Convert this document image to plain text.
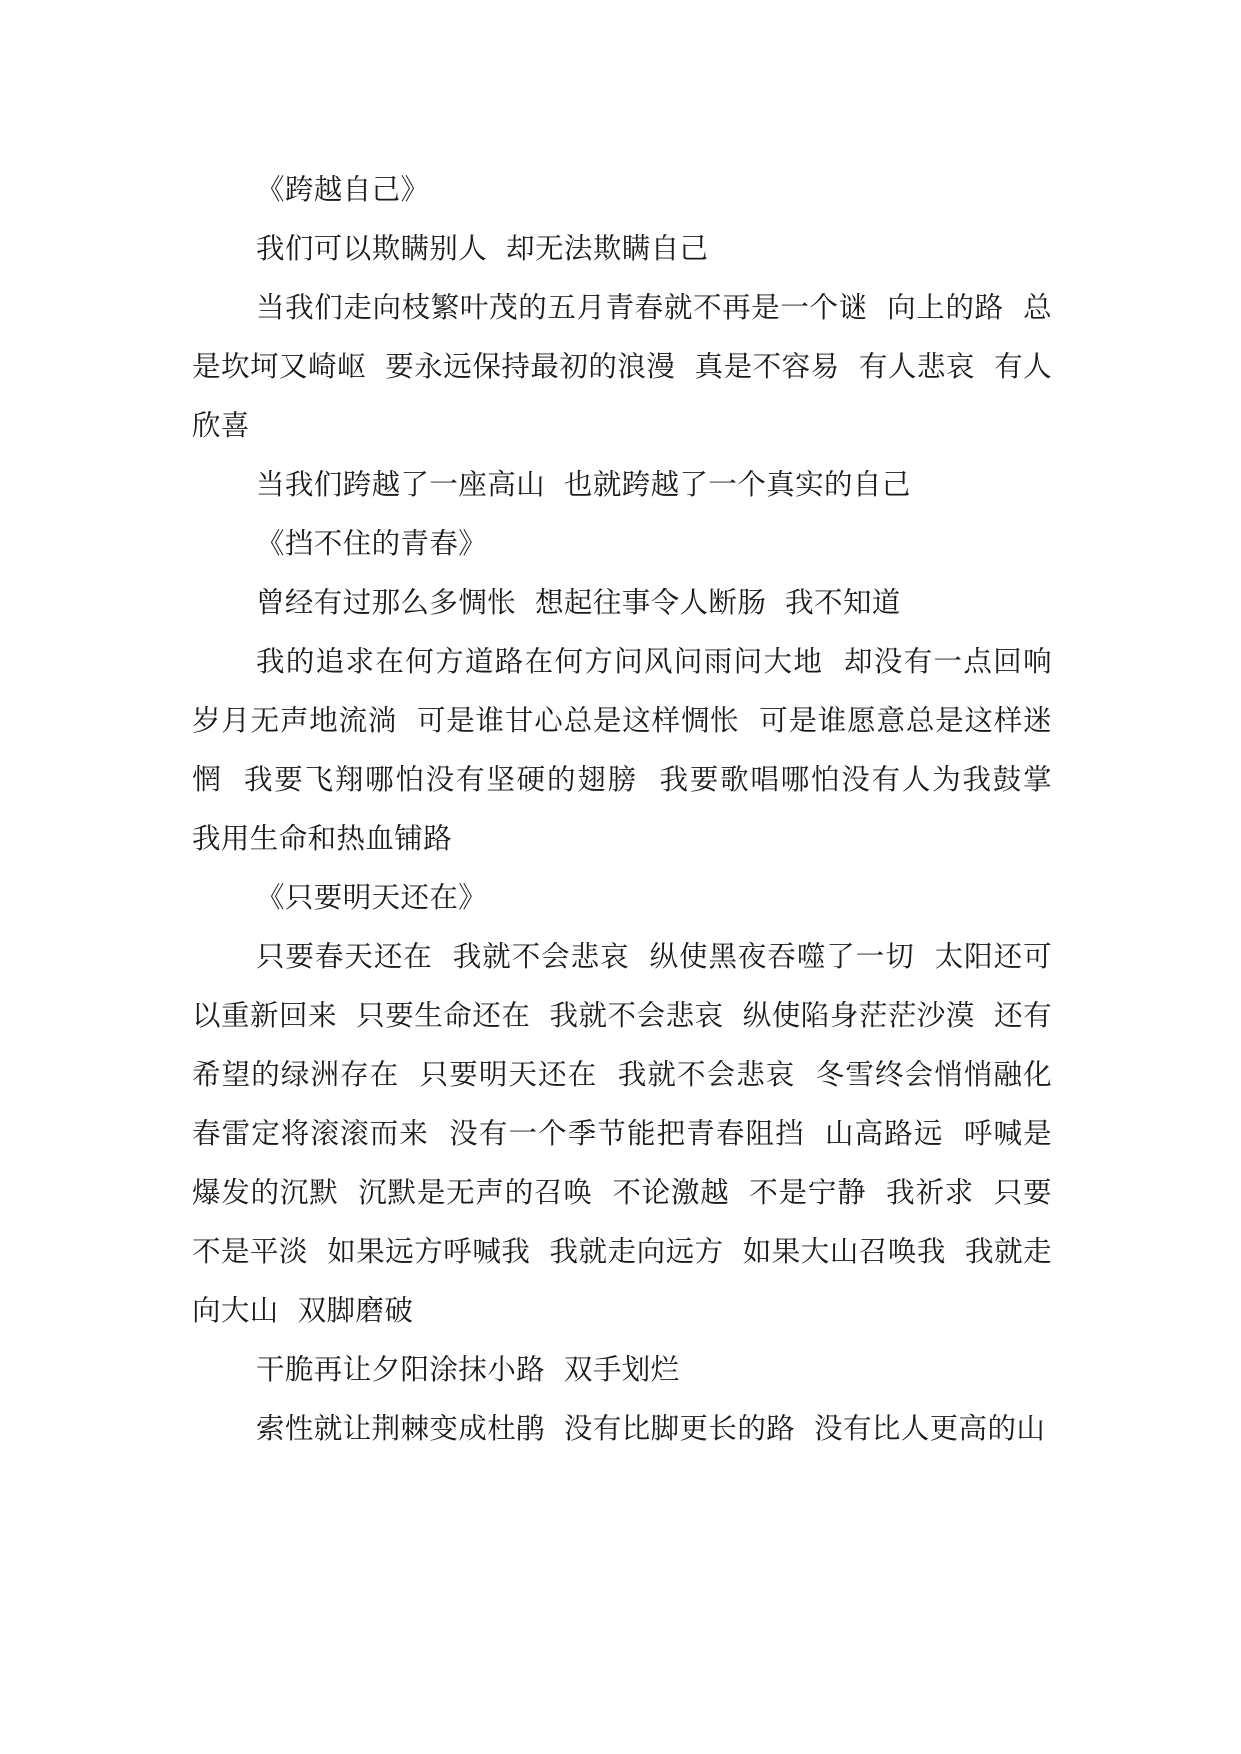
《跨越自己》

我们可以欺瞒别人  却无法欺瞒自己

当我们走向枝繁叶茂的五月青春就不再是一个谜  向上的路  总是坎坷又崎岖  要永远保持最初的浪漫  真是不容易  有人悲哀  有人欣喜

当我们跨越了一座高山  也就跨越了一个真实的自己

《挡不住的青春》

曾经有过那么多惆怅  想起往事令人断肠  我不知道

我的追求在何方道路在何方问风问雨问大地  却没有一点回响  岁月无声地流淌  可是谁甘心总是这样惆怅  可是谁愿意总是这样迷惘  我要飞翔哪怕没有坚硬的翅膀  我要歌唱哪怕没有人为我鼓掌  我用生命和热血铺路

《只要明天还在》

只要春天还在  我就不会悲哀  纵使黑夜吞噬了一切  太阳还可以重新回来  只要生命还在  我就不会悲哀  纵使陷身茫茫沙漠  还有希望的绿洲存在  只要明天还在  我就不会悲哀  冬雪终会悄悄融化  春雷定将滚滚而来  没有一个季节能把青春阻挡  山高路远  呼喊是爆发的沉默  沉默是无声的召唤  不论激越  不是宁静  我祈求  只要不是平淡  如果远方呼喊我  我就走向远方  如果大山召唤我  我就走向大山  双脚磨破

干脆再让夕阳涂抹小路  双手划烂

索性就让荆棘变成杜鹃  没有比脚更长的路  没有比人更高的山
